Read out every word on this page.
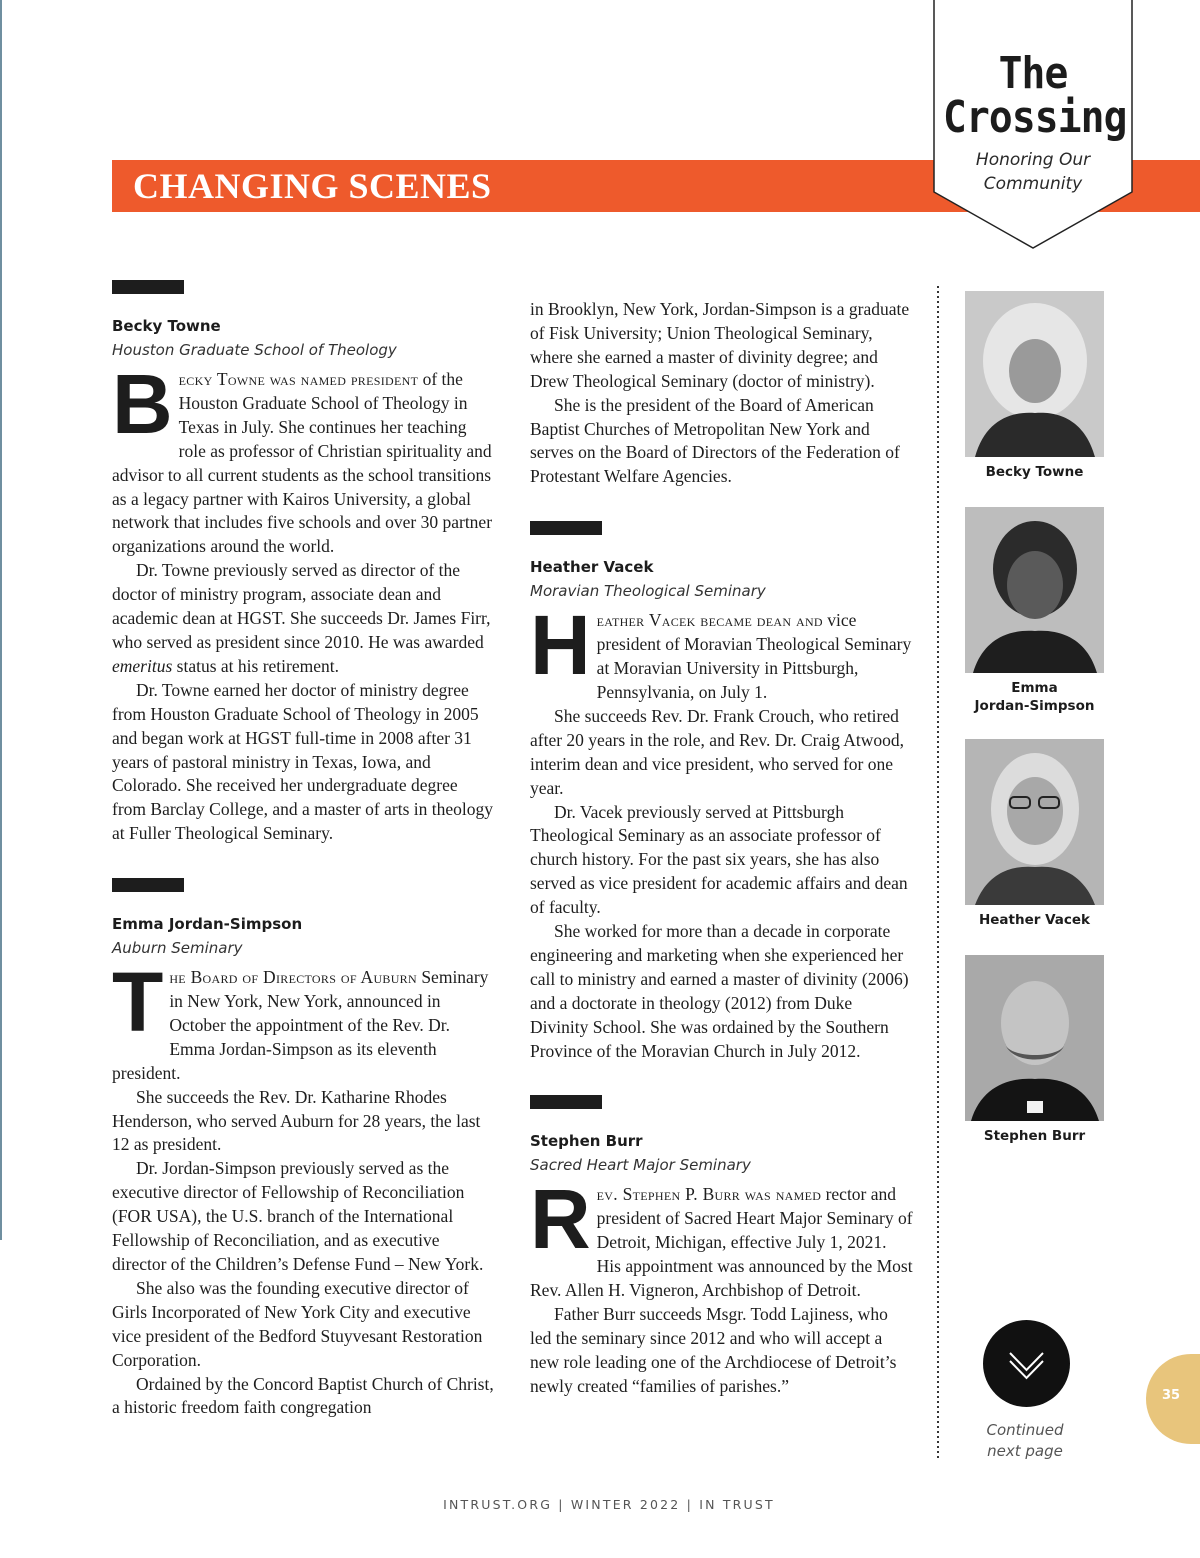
CHANGING SCENES
The
Crossing
Honoring Our
Community
Becky Towne
Houston Graduate School of Theology

Becky Towne was named president of the Houston Graduate School of Theology in Texas in July. She continues her teaching role as professor of Christian spirituality and advisor to all current students as the school transitions as a legacy partner with Kairos University, a global network that includes five schools and over 30 partner organizations around the world.

Dr. Towne previously served as director of the doctor of ministry program, associate dean and academic dean at HGST. She succeeds Dr. James Firr, who served as president since 2010. He was awarded emeritus status at his retirement.

Dr. Towne earned her doctor of ministry degree from Houston Graduate School of Theology in 2005 and began work at HGST full-time in 2008 after 31 years of pastoral ministry in Texas, Iowa, and Colorado. She received her undergraduate degree from Barclay College, and a master of arts in theology at Fuller Theological Seminary.

Emma Jordan-Simpson
Auburn Seminary

The Board of Directors of Auburn Seminary in New York, New York, announced in October the appointment of the Rev. Dr. Emma Jordan-Simpson as its eleventh president.

She succeeds the Rev. Dr. Katharine Rhodes Henderson, who served Auburn for 28 years, the last 12 as president.

Dr. Jordan-Simpson previously served as the executive director of Fellowship of Reconciliation (FOR USA), the U.S. branch of the International Fellowship of Reconciliation, and as executive director of the Children’s Defense Fund – New York.

She also was the founding executive director of Girls Incorporated of New York City and executive vice president of the Bedford Stuyvesant Restoration Corporation.

Ordained by the Concord Baptist Church of Christ, a historic freedom faith congregation

in Brooklyn, New York, Jordan-Simpson is a graduate of Fisk University; Union Theological Seminary, where she earned a master of divinity degree; and Drew Theological Seminary (doctor of ministry).

She is the president of the Board of American Baptist Churches of Metropolitan New York and serves on the Board of Directors of the Federation of Protestant Welfare Agencies.

Heather Vacek
Moravian Theological Seminary

Heather Vacek became dean and vice president of Moravian Theological Seminary at Moravian University in Pittsburgh, Pennsylvania, on July 1.

She succeeds Rev. Dr. Frank Crouch, who retired after 20 years in the role, and Rev. Dr. Craig Atwood, interim dean and vice president, who served for one year.

Dr. Vacek previously served at Pittsburgh Theological Seminary as an associate professor of church history. For the past six years, she has also served as vice president for academic affairs and dean of faculty.

She worked for more than a decade in corporate engineering and marketing when she experienced her call to ministry and earned a master of divinity (2006) and a doctorate in theology (2012) from Duke Divinity School. She was ordained by the Southern Province of the Moravian Church in July 2012.

Stephen Burr
Sacred Heart Major Seminary

Rev. Stephen P. Burr was named rector and president of Sacred Heart Major Seminary of Detroit, Michigan, effective July 1, 2021. His appointment was announced by the Most Rev. Allen H. Vigneron, Archbishop of Detroit.

Father Burr succeeds Msgr. Todd Lajiness, who led the seminary since 2012 and who will accept a new role leading one of the Archdiocese of Detroit’s newly created “families of parishes.”

Becky Towne
Emma
Jordan-Simpson
Heather Vacek
Stephen Burr
Continued
next page
35
INTRUST.ORG | WINTER 2022 | IN TRUST
